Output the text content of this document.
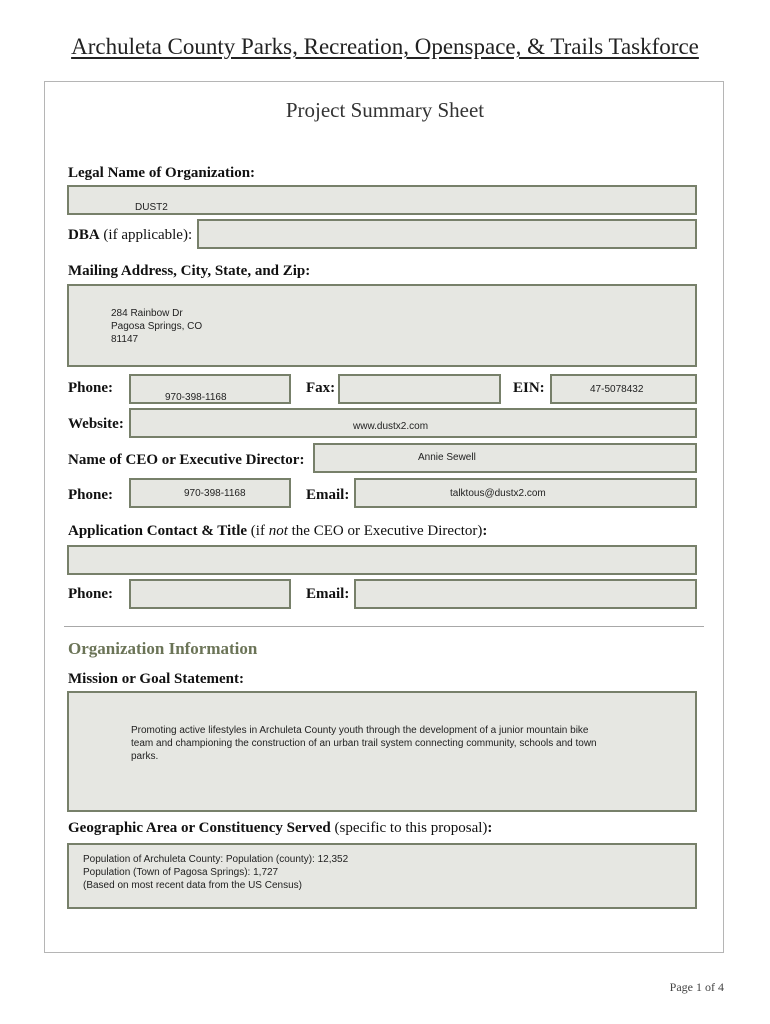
Archuleta County Parks, Recreation, Openspace, & Trails Taskforce
Project Summary Sheet
Legal Name of Organization:
DUST2
DBA (if applicable):
Mailing Address, City, State, and Zip:
284 Rainbow Dr
Pagosa Springs, CO
81147
Phone:
970-398-1168
Fax:	EIN:	47-5078432
Website:	www.dustx2.com
Name of CEO or Executive Director:	Annie Sewell
Phone:	970-398-1168	Email:	talktous@dustx2.com
Application Contact & Title (if not the CEO or Executive Director):
Phone:	Email:
Organization Information
Mission or Goal Statement:
Promoting active lifestyles in Archuleta County youth through the development of a junior mountain bike
team and championing the construction of an urban trail system connecting community, schools and town
parks.
Geographic Area or Constituency Served (specific to this proposal):
Population of Archuleta County: Population (county): 12,352
Population (Town of Pagosa Springs): 1,727
(Based on most recent data from the US Census)
Page 1 of 4
